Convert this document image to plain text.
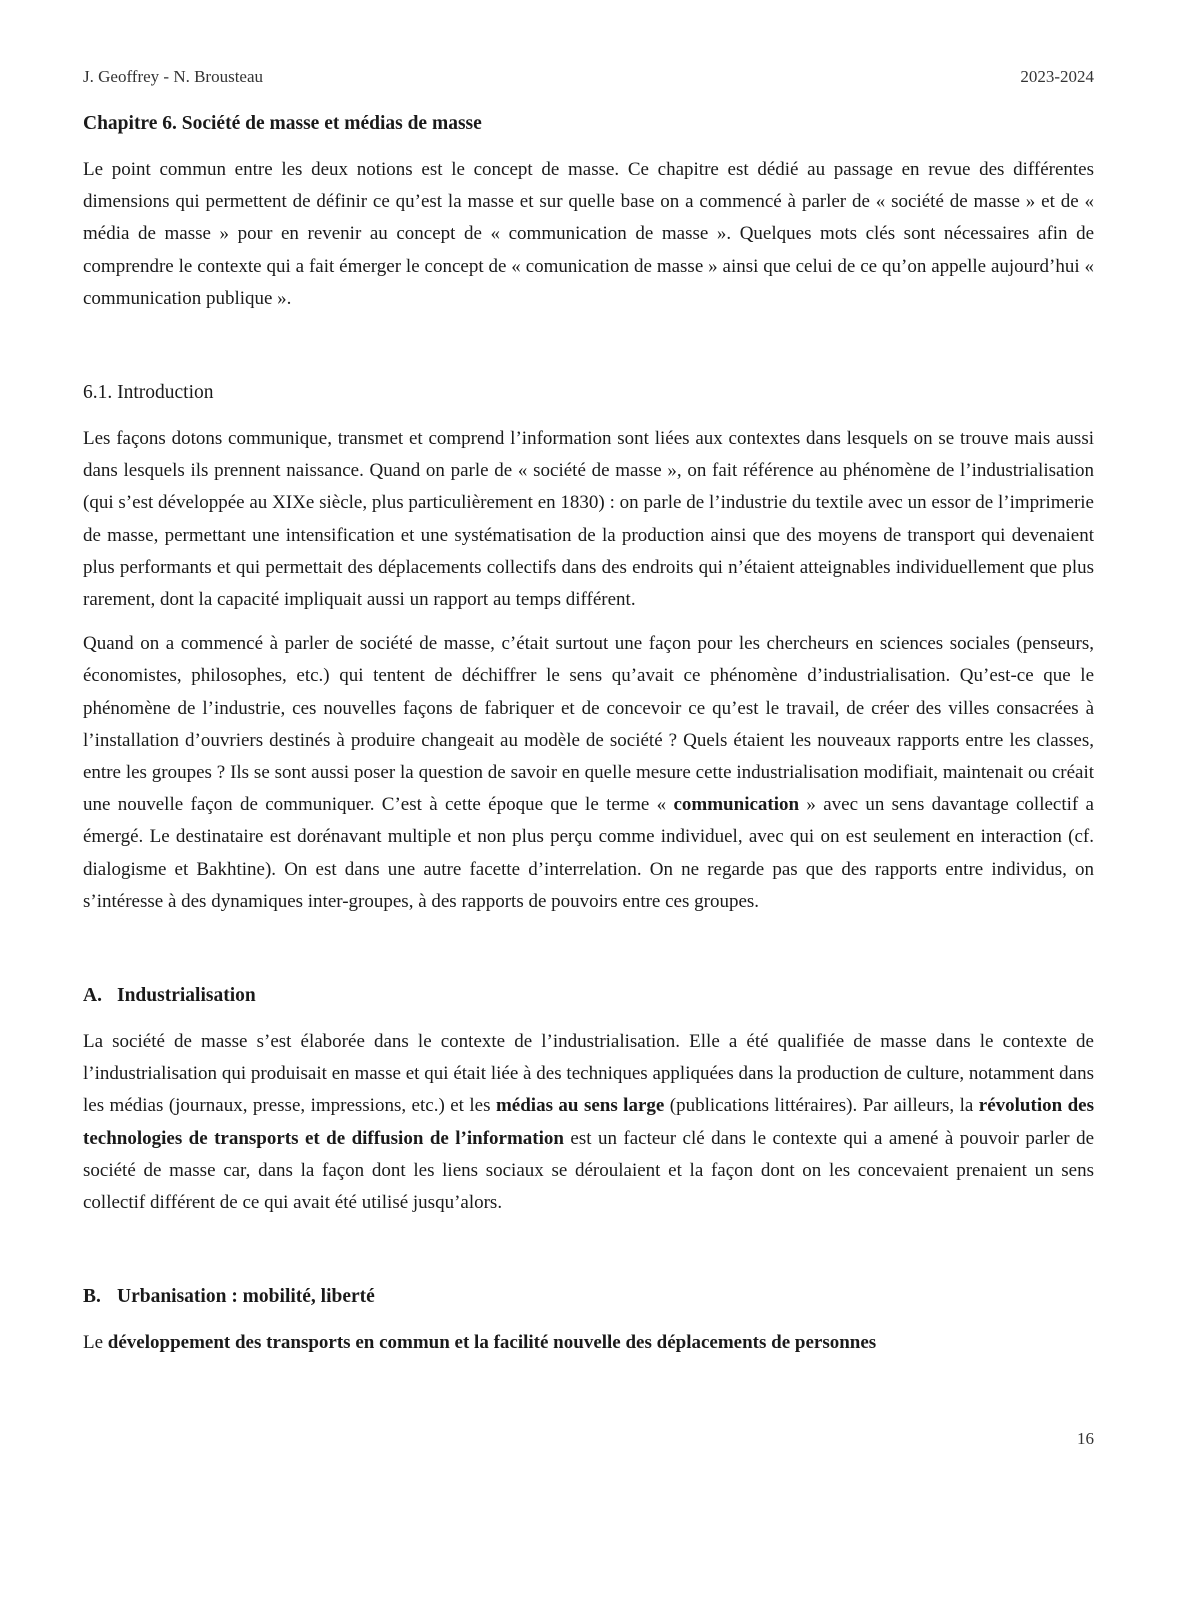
J. Geoffrey - N. Brousteau	2023-2024
Chapitre 6. Société de masse et médias de masse

Le point commun entre les deux notions est le concept de masse. Ce chapitre est dédié au passage en revue des différentes dimensions qui permettent de définir ce qu’est la masse et sur quelle base on a commencé à parler de « société de masse » et de « média de masse » pour en revenir au concept de « communication de masse ». Quelques mots clés sont nécessaires afin de comprendre le contexte qui a fait émerger le concept de « comunication de masse » ainsi que celui de ce qu’on appelle aujourd’hui « communication publique ».

6.1. Introduction

Les façons dotons communique, transmet et comprend l’information sont liées aux contextes dans lesquels on se trouve mais aussi dans lesquels ils prennent naissance. Quand on parle de « société de masse », on fait référence au phénomène de l’industrialisation (qui s’est développée au XIXe siècle, plus particulièrement en 1830) : on parle de l’industrie du textile avec un essor de l’imprimerie de masse, permettant une intensification et une systématisation de la production ainsi que des moyens de transport qui devenaient plus performants et qui permettait des déplacements collectifs dans des endroits qui n’étaient atteignables individuellement que plus rarement, dont la capacité impliquait aussi un rapport au temps différent.

Quand on a commencé à parler de société de masse, c’était surtout une façon pour les chercheurs en sciences sociales (penseurs, économistes, philosophes, etc.) qui tentent de déchiffrer le sens qu’avait ce phénomène d’industrialisation. Qu’est-ce que le phénomène de l’industrie, ces nouvelles façons de fabriquer et de concevoir ce qu’est le travail, de créer des villes consacrées à l’installation d’ouvriers destinés à produire changeait au modèle de société ? Quels étaient les nouveaux rapports entre les classes, entre les groupes ? Ils se sont aussi poser la question de savoir en quelle mesure cette industrialisation modifiait, maintenait ou créait une nouvelle façon de communiquer. C’est à cette époque que le terme « communication » avec un sens davantage collectif a émergé. Le destinataire est dorénavant multiple et non plus perçu comme individuel, avec qui on est seulement en interaction (cf. dialogisme et Bakhtine). On est dans une autre facette d’interrelation. On ne regarde pas que des rapports entre individus, on s’intéresse à des dynamiques inter-groupes, à des rapports de pouvoirs entre ces groupes.

A. Industrialisation

La société de masse s’est élaborée dans le contexte de l’industrialisation. Elle a été qualifiée de masse dans le contexte de l’industrialisation qui produisait en masse et qui était liée à des techniques appliquées dans la production de culture, notamment dans les médias (journaux, presse, impressions, etc.) et les médias au sens large (publications littéraires). Par ailleurs, la révolution des technologies de transports et de diffusion de l’information est un facteur clé dans le contexte qui a amené à pouvoir parler de société de masse car, dans la façon dont les liens sociaux se déroulaient et la façon dont on les concevaient prenaient un sens collectif différent de ce qui avait été utilisé jusqu’alors.

B. Urbanisation : mobilité, liberté

Le développement des transports en commun et la facilité nouvelle des déplacements de personnes

16
